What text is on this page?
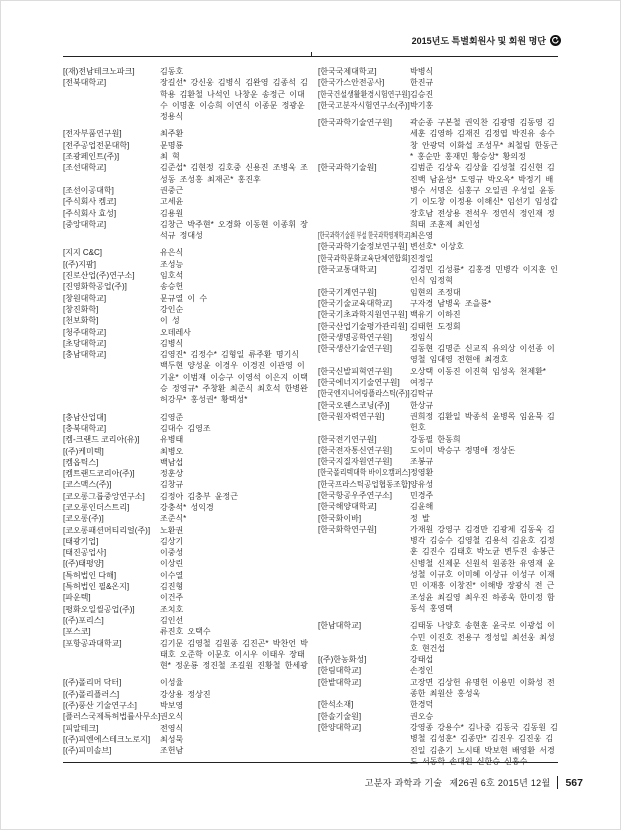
2015년도 특별회원사 및 회원 명단
[(재)전남테크노파크]	김동호
[전북대학교]	장길선* 강신웅 김병식 김완영 김종석 김학용 김환철 나석인 나창운 송정근 이대수 이명훈 이승희 이연식 이종문 정광운 정용식
[전자부품연구원]	최주환
[전주공업전문대학]	문명룡
[조광페인트(주)]	최 혁
[조선대학교]	김준섭* 김현정 김호중 신용진 조병욱 조성동 조성홍 최재곤* 홍진후
[조선이공대학]	권중근
[주식회사 켐코]	고세윤
[주식회사 효성]	김용원
[중앙대학교]	김창근 박주현* 오경화 이동현 이종휘 장석규 정대성
[지지 C&C]	유은식
[(주)지팜]	조성능
[진로산업(주)연구소]	임호석
[진영화학공업(주)]	송승헌
[창원대학교]	문규열 이 수
[창진화학]	강인순
[천보화학]	이 성
[청주대학교]	오데레사
[초당대학교]	김병식
[충남대학교]	김영진* 김정수* 김형일 류주환 명기식 백두현 양성윤 이경우 이경진 이관영 이기윤* 이범재 이승구 이영석 이은지 이택승 정영규* 주창환 최준식 최호석 한병완 허강무* 홍성권* 황택성*
[충남산업대]	김영준
[충북대학교]	김대수 김영조
[켐-크랜드 코리아(유)]	유병태
[(주)케미텍]	최병오
[켐옵틱스]	백남섭
[켐트랜드코리아(주)]	정훈상
[코스맥스(주)]	김창규
[코오롱그룹중앙연구소]	김정아 김충부 윤정근
[코오롱인더스트리]	강충석* 성익경
[코오롱(주)]	조준식*
[코오롱패션머티리얼(주)]	노환권
[태광기업]	김상기
[태진공업사]	이중성
[(주)태평양]	이상린
[특허법인 다해]	이수열
[특허법인 필&온지]	김진형
[파운텍]	이건주
[평화오일씰공업(주)]	조치호
[(주)포리스]	김인선
[포스코]	류진호 오택수
[포항공과대학교]	김기문 김영철 김원종 김진곤* 박찬언 박태호 오준학 이문호 이시우 이태우 장태현* 정운룡 정진철 조길원 진황철 한세광
[(주)폴리머 닥터]	이성율
[(주)폴리플러스]	강상용 정상진
[(주)풍산 기술연구소]	박보영
[플러스국제특허법률사무소] 권오식
[피알테크]	전영식
[(주)피엔에스테크노로지]	최성묵
[(주)피미솔브]	조헌남
[한국국제대학교]	박병식
[한국가스안전공사]	한진규
[한국건설생활환경시험연구원] 김승진
[한국고분자시험연구소(주)] 박기홍
[한국과학기술연구원]	곽순종 구본철 권익찬 김광명 김동영 김세훈 김영하 김재진 김정엽 박진유 송수창 안광덕 이화섭 조성무* 최철림 한동근* 홍순만 홍재민 황승상* 황의정
[한국과학기술원]	김범준 김상욱 김상율 김성철 김신현 김진백 남윤성* 도영규 박오옥* 박정기 배병수 서명은 심홍구 오일권 우성일 윤동기 이도창 이정용 이해신* 임선기 임성갑 장호남 전상용 전석우 정연식 정인재 정희태 조훈제 최인성
[한국과학기술원 부설 한국과학영재학교] 최은영
[한국과학기술정보연구원] 변선호* 이상호
[한국과학문화교육단체연합회] 진정일
[한국교통대학교]	김경민 김성룡* 김홍경 민병각 이지훈 인인식 임정혁
[한국기계연구원]	임현의 조정대
[한국기술교육대학교]	구자경 남병욱 조을룡*
[한국기초과학지원연구원] 백유기 이하진
[한국산업기술평가관리원] 김태헌 도정회
[한국생명공학연구원]	정임식
[한국생산기술연구원]	김동현 김명준 신교직 유의상 이선종 이영철 임대영 전현애 최경호
[한국신발피혁연구원]	오상택 이동진 이진혁 임성옥 천제환*
[한국에너지기술연구원]	여정구
[한국엔지니어링플라스틱(주)] 김탁규
[한국오웬스코닝(주)]	한상규
[한국원자력연구원]	권희정 김환일 박종석 윤병목 임윤묵 김헌호
[한국전기연구원]	강동필 한동희
[한국전자통신연구원]	도이미 박승구 정명애 정상돈
[한국지질자원연구원]	조봉규
[한국폴리텍대학 바이오캠퍼스] 정영환
[한국프라스틱공업협동조합] 양유성
[한국항공우주연구소]	민경주
[한국해양대학교]	김윤해
[한국화이바]	정 발
[한국화학연구원]	가재원 강영구 김경만 김광제 김동욱 김병각 김승수 김영철 김용석 김윤호 김정훈 김진수 김태호 박노균 변두진 송봉근 신병철 신제문 신원석 원종찬 유영재 윤성철 이규호 이미혜 이상규 이성구 이재민 이재흥 이창진* 이해방 장광식 전 근 조성윤 최길영 최우진 하종욱 한미정 함동석 홍영택
[한남대학교]	김태동 나양호 송현훈 윤국로 이광섭 이수민 이진호 전용구 정성일 최선웅 최성호 현건섭
[(주)한농화성]	강태섭
[한림대학교]	손정인
[한밭대학교]	고장면 김상헌 유명헌 이용민 이화성 전종한 최원산 홍성욱
[한석소재]	한경덕
[한솔기술원]	권오승
[한양대학교]	강영종 강용수* 김나중 김동국 김동원 김병철 김성훈* 김종만* 김진우 김진웅 김진일 김춘기 노시태 박보현 배영환 서경도 서동학 손대원 신한승 신홍수
고분자 과학과 기술 제26권 6호 2015년 12월 567
